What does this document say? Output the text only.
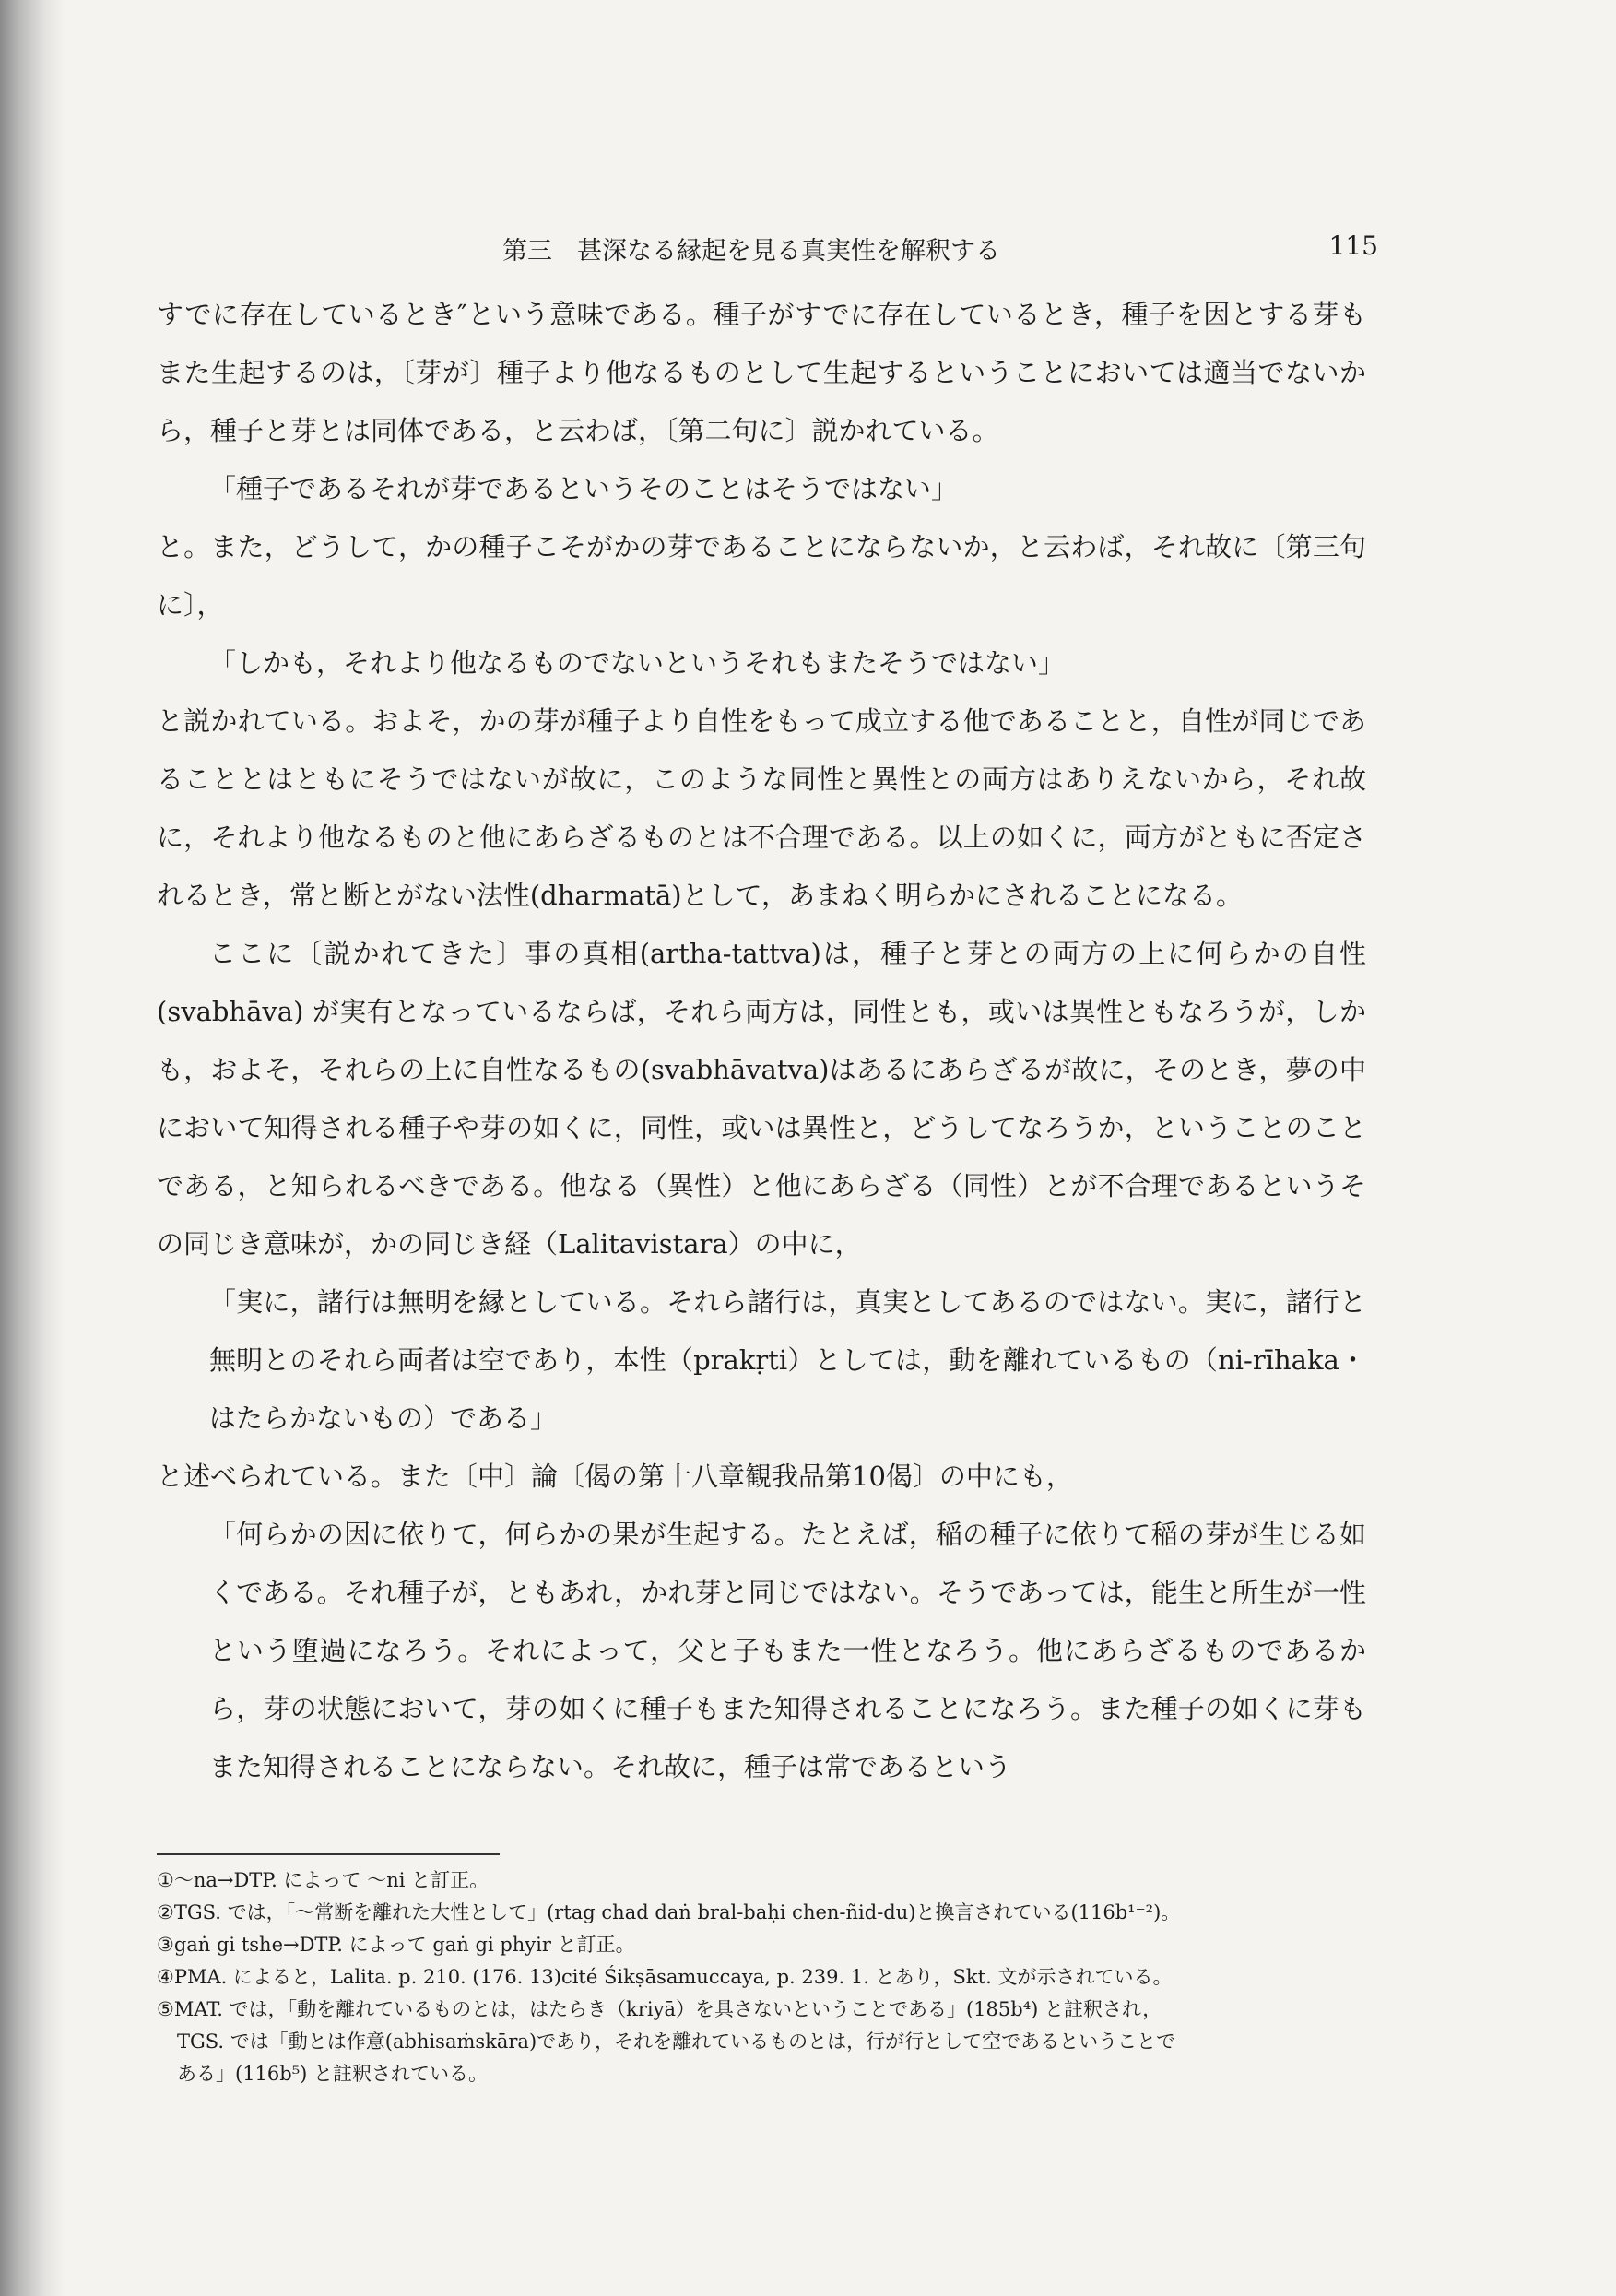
第三　甚深なる縁起を見る真実性を解釈する	115

すでに存在しているとき″という意味である。種子がすでに存在しているとき，種子を因とする芽もまた生起するのは，〔芽が〕種子より他なるものとして生起するということにおいては適当でないから，種子と芽とは同体である，と云わば，〔第二句に〕説かれている。

「種子であるそれが芽であるというそのことはそうではない」

と。また，どうして，かの種子こそがかの芽であることにならないか，と云わば，それ故に〔第三句に〕，

「しかも，それより他なるものでないというそれもまたそうではない」

と説かれている。およそ，かの芽が種子より自性をもって成立する他であることと，自性が同じであることとはともにそうではないが故に，このような同性と異性との両方はありえないから，それ故に，それより他なるものと他にあらざるものとは不合理である。以上の如くに，両方がともに否定されるとき，常と断とがない法性(dharmatā)として，あまねく明らかにされることになる。

ここに〔説かれてきた〕事の真相(artha-tattva)は，種子と芽との両方の上に何らかの自性(svabhāva) が実有となっているならば，それら両方は，同性とも，或いは異性ともなろうが，しかも，およそ，それらの上に自性なるもの(svabhāvatva)はあるにあらざるが故に，そのとき，夢の中において知得される種子や芽の如くに，同性，或いは異性と，どうしてなろうか，ということのことである，と知られるべきである。他なる（異性）と他にあらざる（同性）とが不合理であるというその同じき意味が，かの同じき経（Lalitavistara）の中に，

「実に，諸行は無明を縁としている。それら諸行は，真実としてあるのではない。実に，諸行と無明とのそれら両者は空であり，本性（prakṛti）としては，動を離れているもの（ni-rīhaka・はたらかないもの）である」

と述べられている。また〔中〕論〔偈の第十八章観我品第10偈〕の中にも，

「何らかの因に依りて，何らかの果が生起する。たとえば，稲の種子に依りて稲の芽が生じる如くである。それ種子が，ともあれ，かれ芽と同じではない。そうであっては，能生と所生が一性という堕過になろう。それによって，父と子もまた一性となろう。他にあらざるものであるから，芽の状態において，芽の如くに種子もまた知得されることになろう。また種子の如くに芽もまた知得されることにならない。それ故に，種子は常であるという

①～na→DTP. によって ～ni と訂正。

②TGS. では，「～常断を離れた大性として」(rtag chad daṅ bral-baḥi chen-ñid-du)と換言されている(116b¹⁻²)。

③gaṅ gi tshe→DTP. によって gaṅ gi phyir と訂正。

④PMA. によると，Lalita. p. 210. (176. 13)cité Śikṣāsamuccaya, p. 239. 1. とあり，Skt. 文が示されている。

⑤MAT. では，「動を離れているものとは，はたらき（kriyā）を具さないということである」(185b⁴) と註釈され，

TGS. では「動とは作意(abhisaṁskāra)であり，それを離れているものとは，行が行として空であるということで

ある」(116b⁵) と註釈されている。
